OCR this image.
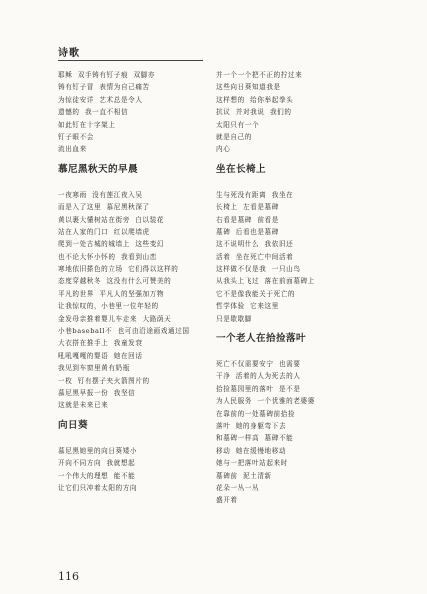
诗歌
耶稣  双手铸有钉子痕  双脚亦
铸有钉子冒  表情为自己痛苦
为惊徒安详  艺术总是令人
遗憾的  我一直不相信
如此钉在十字架上
钉子眼不会
流出血来
慕尼黑秋天的早晨
一夜寒雨  没有莲江夜入吴
而是入了这里  慕尼黑秋深了
黄以裹大懂树站在街旁  白以装花
站在人家的门口  红以爬墙虎
爬到一处古城的城墙上  这些变幻
也不论大怀小怀的  我看到山峦
寒地依旧搽色的立场  它们得以这样的
态度穿越秋冬  这没有什么可赞美的
平凡的世界  平凡人的坚强加万物
让我惊叹的，小巷里一位年轻的
金发母亲推着婴儿车走来  大路荫天
小巷baseball不  也可由沿途画戏通过国
大衣搭在推手上  我童发衰
吼吼嘎嘎的婴语  她在回话
我见到车窗里黄有奶瓶
一枚  钉有摆子夹火箭图片的
慕尼黑早报一份  我坚信
这就是未来已来
向日葵
慕尼黑她里的向日葵矮小
开向不同方向  我就想起
一个伟大的理想  能不能
让它们只冲着太阳的方向
并一个一个把不正的拧过来
这些向日葵知道我是
这样想的  给你举起拳头
抗议  并对我说  我们的
太阳只有一个
就是自己的
内心
坐在长椅上
生与死没有距离  我坐在
长椅上  左看是墓碑
右看是墓碑  前看是
墓碑  后看也是墓碑
这不说明什么  我依旧还
活着  坐在死亡中间活着
这样做不仅是我  一只山鸟
从我头上飞过  落在前面墓碑上
它不是像我能关于死亡的
哲学体验  它来这里
只是歇歇脚
一个老人在拾捡落叶
死亡不仅需要安宁  也需要
干净  活着的人为死去的人
拾捡墓园里的落叶  是不是
为人民服务  一个优雅的老婆婆
在靠前的一处墓碑前拾捡
落叶  她的身躯弯下去
和墓碑一样高  墓碑不能
移动  她在缓慢地移动
她与一把落叶站起来时
墓碑前  泥土清新
花朵一丛一丛
盛开着
116
